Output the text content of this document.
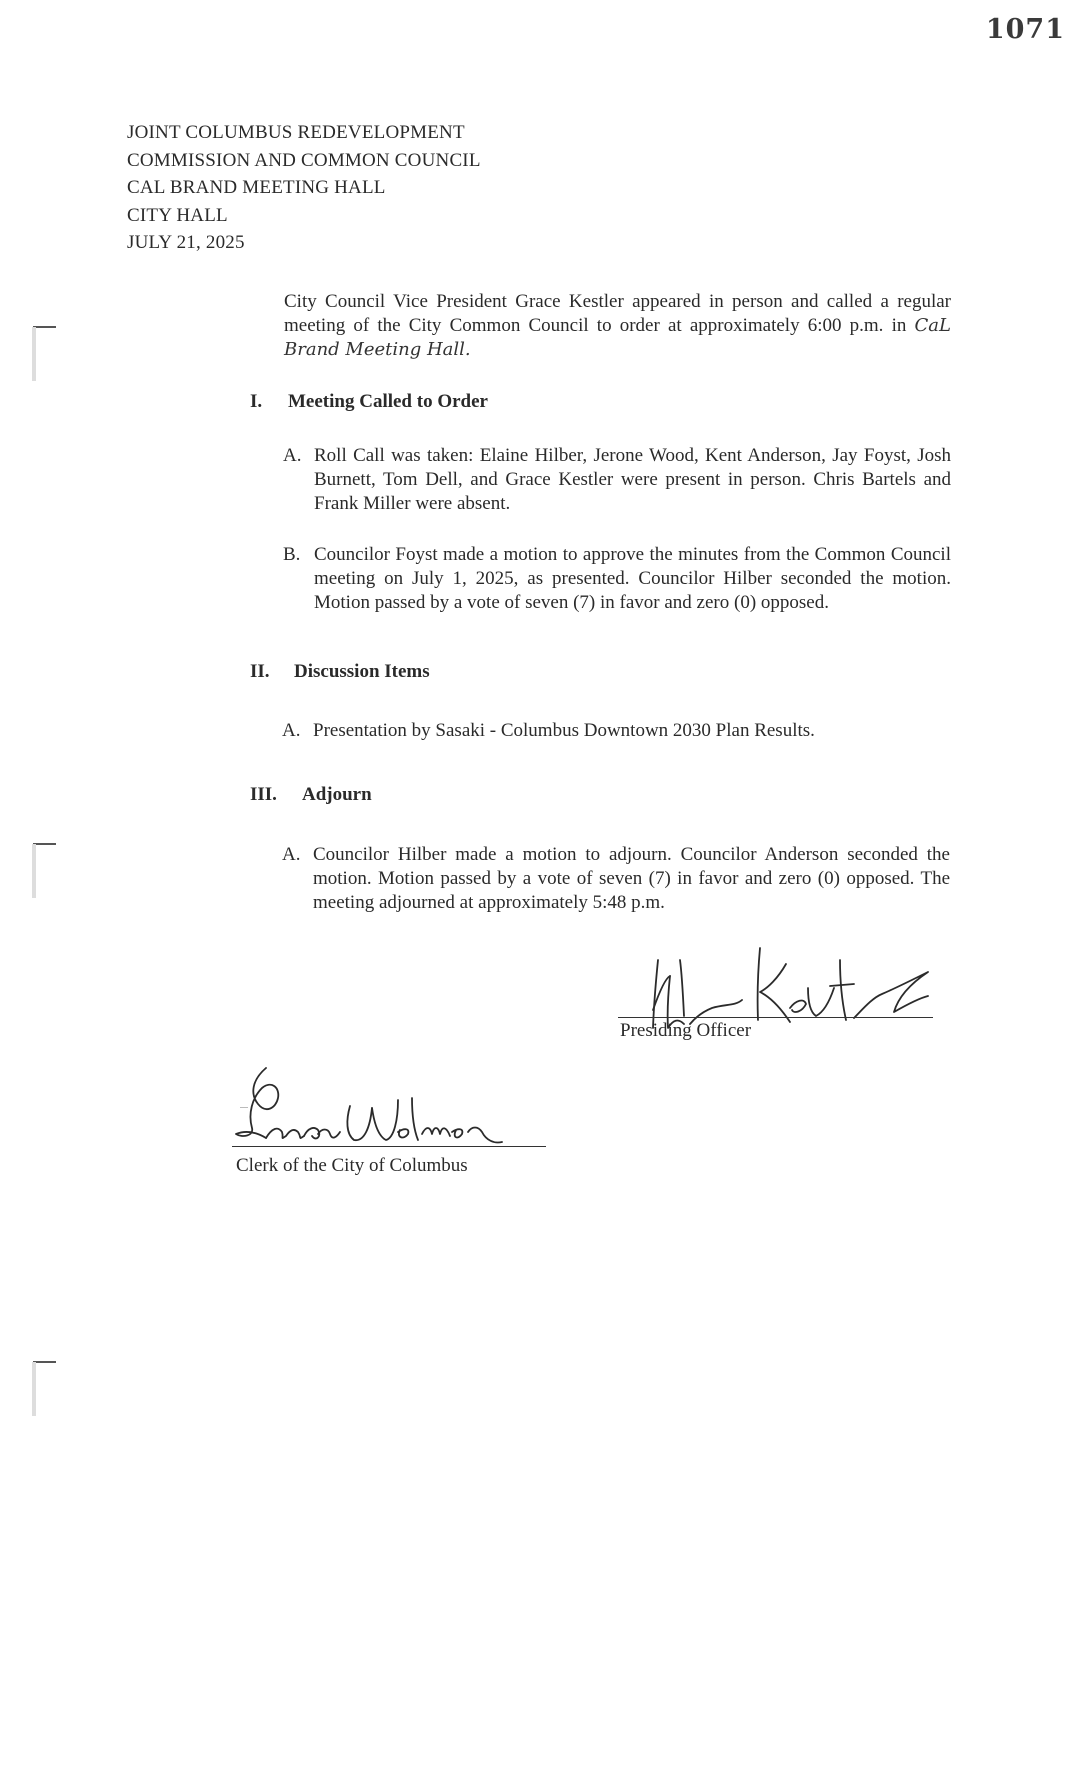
1071
JOINT COLUMBUS REDEVELOPMENT
COMMISSION AND COMMON COUNCIL
CAL BRAND MEETING HALL
CITY HALL
JULY 21, 2025
City Council Vice President Grace Kestler appeared in person and called a regular meeting of the City Common Council to order at approximately 6:00 p.m. in CaL Brand Meeting Hall.
I. Meeting Called to Order
A. Roll Call was taken: Elaine Hilber, Jerone Wood, Kent Anderson, Jay Foyst, Josh Burnett, Tom Dell, and Grace Kestler were present in person. Chris Bartels and Frank Miller were absent.
B. Councilor Foyst made a motion to approve the minutes from the Common Council meeting on July 1, 2025, as presented. Councilor Hilber seconded the motion. Motion passed by a vote of seven (7) in favor and zero (0) opposed.
II. Discussion Items
A. Presentation by Sasaki - Columbus Downtown 2030 Plan Results.
III. Adjourn
A. Councilor Hilber made a motion to adjourn. Councilor Anderson seconded the motion. Motion passed by a vote of seven (7) in favor and zero (0) opposed. The meeting adjourned at approximately 5:48 p.m.
Presiding Officer
Clerk of the City of Columbus
